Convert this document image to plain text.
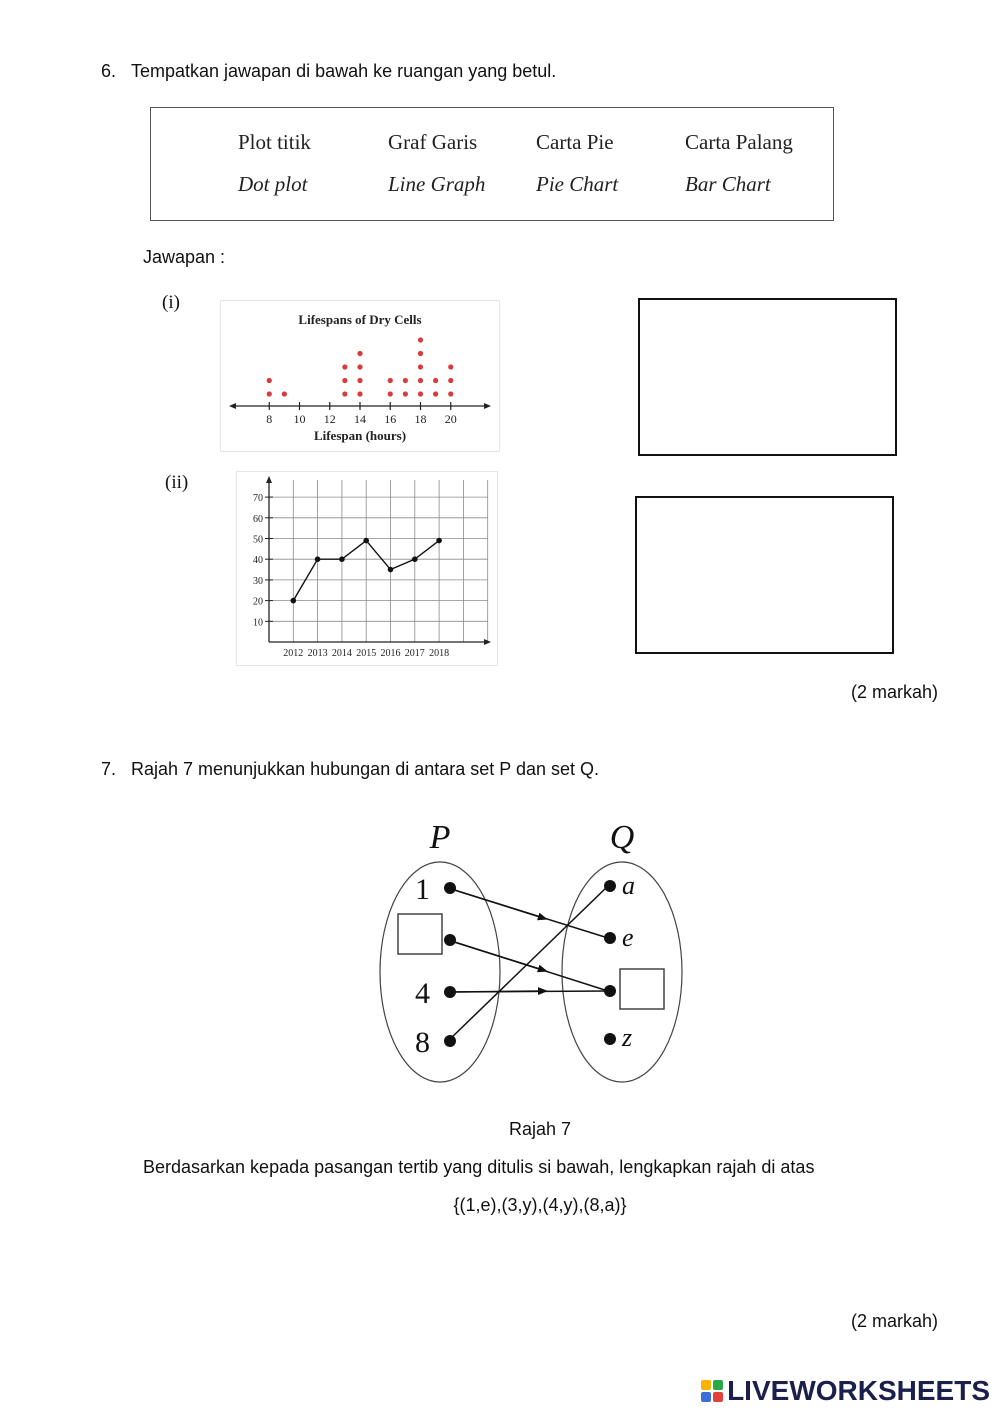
6. Tempatkan jawapan di bawah ke ruangan yang betul.
Plot titik
Dot plot
Graf Garis
Line Graph
Carta Pie
Pie Chart
Carta Palang
Bar Chart
Jawapan :
(i)
(ii)
Lifespans of Dry Cells
8 10 12 14 16 18 20
Lifespan (hours)
10
20
30
40
50
60
70
2012 2013 2014 2015 2016 2017 2018
(2 markah)
7. Rajah 7 menunjukkan hubungan di antara set P dan set Q.
P	Q
1
4
8
a
e
z
Rajah 7
Berdasarkan kepada pasangan tertib yang ditulis si bawah, lengkapkan rajah di atas
{(1,e),(3,y),(4,y),(8,a)}
(2 markah)
LIVEWORKSHEETS
